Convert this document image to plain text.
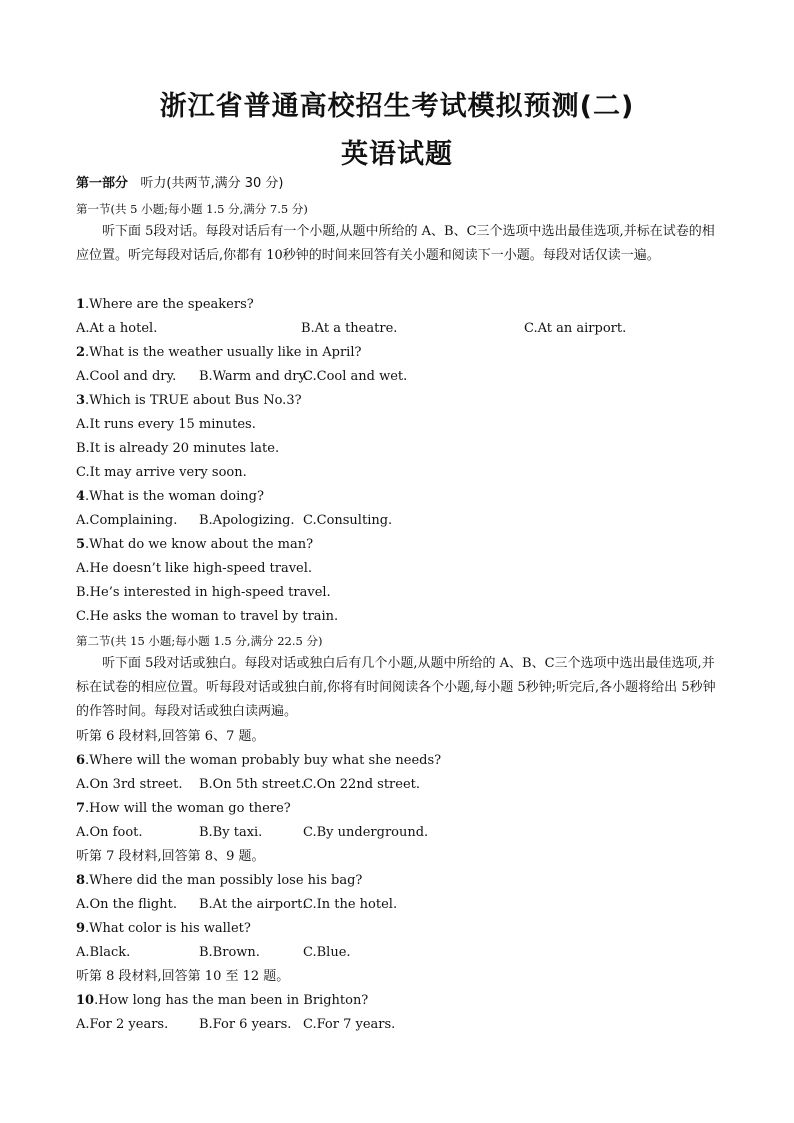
浙江省普通高校招生考试模拟预测(二)
英语试题
第一部分 听力(共两节,满分 30 分)
第一节(共 5 小题;每小题 1.5 分,满分 7.5 分)
听下面 5段对话。每段对话后有一个小题,从题中所给的 A、B、C三个选项中选出最佳选项,并标在试卷的相应位置。听完每段对话后,你都有 10秒钟的时间来回答有关小题和阅读下一小题。每段对话仅读一遍。
1.Where are the speakers?
A.At a hotel.	B.At a theatre.	C.At an airport.
2.What is the weather usually like in April?
A.Cool and dry. B.Warm and dry.
C.Cool and wet.
3.Which is TRUE about Bus No.3?
A.It runs every 15 minutes.
B.It is already 20 minutes late.
C.It may arrive very soon.
4.What is the woman doing?
A.Complaining. B.Apologizing. C.Consulting.
5.What do we know about the man?
A.He doesn’t like high-speed travel.
B.He’s interested in high-speed travel.
C.He asks the woman to travel by train.
第二节(共 15 小题;每小题 1.5 分,满分 22.5 分)
听下面 5段对话或独白。每段对话或独白后有几个小题,从题中所给的 A、B、C三个选项中选出最佳选项,并标在试卷的相应位置。听每段对话或独白前,你将有时间阅读各个小题,每小题 5秒钟;听完后,各小题将给出 5秒钟的作答时间。每段对话或独白读两遍。
听第 6 段材料,回答第 6、7 题。
6.Where will the woman probably buy what she needs?
A.On 3rd street. B.On 5th street.
C.On 22nd street.
7.How will the woman go there?
A.On foot.	B.By taxi.	C.By underground.
听第 7 段材料,回答第 8、9 题。
8.Where did the man possibly lose his bag?
A.On the flight. B.At the airport.
C.In the hotel.
9.What color is his wallet?
A.Black.	B.Brown.	C.Blue.
听第 8 段材料,回答第 10 至 12 题。
10.How long has the man been in Brighton?
A.For 2 years. B.For 6 years. C.For 7 years.
